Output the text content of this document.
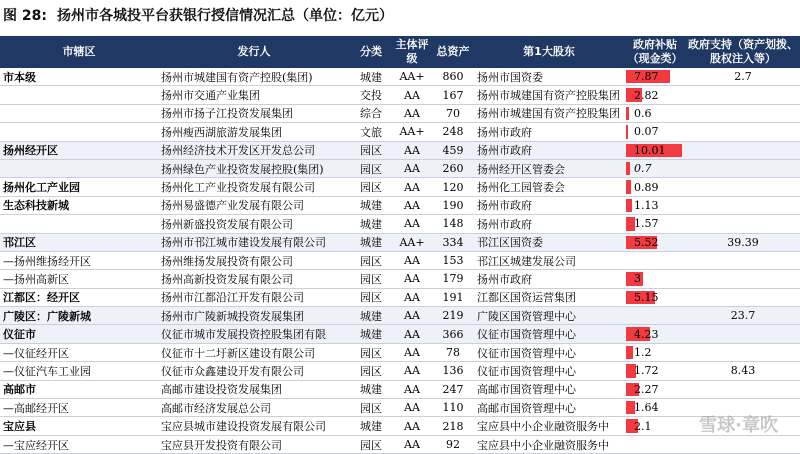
图 28: 扬州市各城投平台获银行授信情况汇总（单位：亿元）
市辖区	发行人	分类	主体评级	总资产	第1大股东	政府补贴（现金类）	政府支持（资产划拨、股权注入等）
市本级	扬州市城建国有资产控股(集团)	城建	AA+	860	扬州市国资委	7.87	2.7
	扬州市交通产业集团	交投	AA	167	扬州市城建国有资产控股集团	2.82	
	扬州市扬子江投资发展集团	综合	AA	70	扬州市城建国有资产控股集团	0.6	
	扬州瘦西湖旅游发展集团	文旅	AA+	248	扬州市政府	0.07	
扬州经开区	扬州经济技术开发区开发总公司	园区	AA	459	扬州市政府	10.01	
	扬州绿色产业投资发展控股(集团)	园区	AA	260	扬州经开区管委会	0.7	
扬州化工产业园	扬州化工产业投资发展有限公司	园区	AA	120	扬州化工园管委会	0.89	
生态科技新城	扬州易盛德产业发展有限公司	城建	AA	190	扬州市政府	1.13	
	扬州新盛投资发展有限公司	城建	AA	148	扬州市政府	1.57	
邗江区	扬州市邗江城市建设发展有限公司	城建	AA+	334	邗江区国资委	5.52	39.39
—扬州维扬经开区	扬州维扬发展投资有限公司	园区	AA	153	邗江区城建发展公司		
—扬州高新区	扬州高新投资发展有限公司	园区	AA	179	扬州市政府	3	
江都区：经开区	扬州市江都沿江开发有限公司	园区	AA	191	江都区国资运营集团	5.15	
广陵区：广陵新城	扬州市广陵新城投资发展集团	城建	AA	219	广陵区国资管理中心		23.7
仪征市	仪征市城市发展投资控股集团有限	城建	AA	366	仪征市国资管理中心	4.23	
—仪征经开区	仪征市十二圩新区建设有限公司	园区	AA	78	仪征市国资管理中心	1.2	
—仪征汽车工业园	仪征市众鑫建设开发有限公司	园区	AA	136	仪征市国资管理中心	1.72	8.43
高邮市	高邮市建设投资发展集团	城建	AA	247	高邮市国资管理中心	2.27	
—高邮经开区	高邮市经济发展总公司	园区	AA	110	高邮市国资管理中心	1.64	
宝应县	宝应县城市建设投资发展有限公司	城建	AA	218	宝应县中小企业融资服务中	2.1	
—宝应经开区	宝应县开发投资有限公司	园区	AA	92	宝应县中小企业融资服务中		
雪球·章吹
